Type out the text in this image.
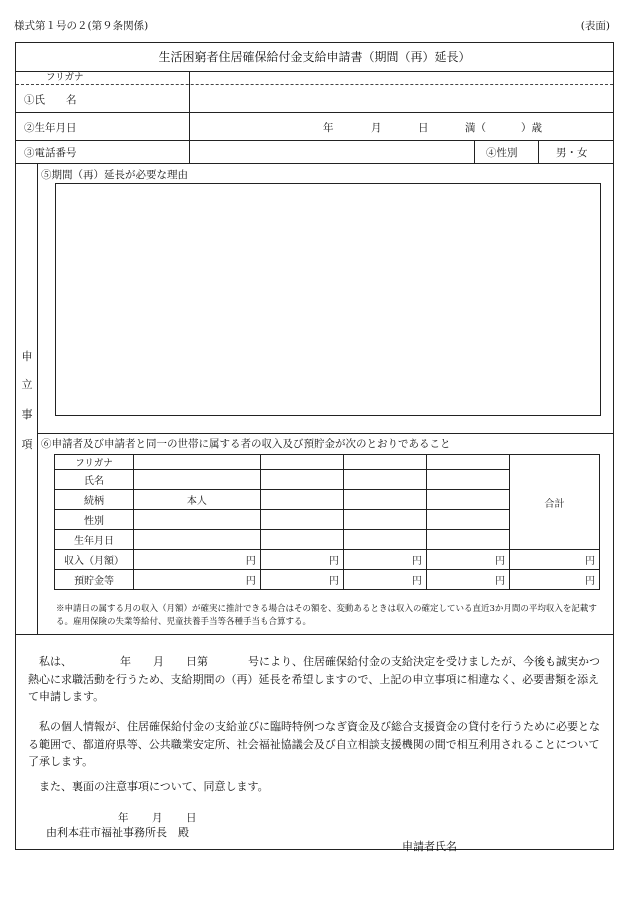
様式第１号の２(第９条関係)	(表面)
生活困窮者住居確保給付金支給申請書（期間（再）延長）
フリガナ
①氏　　名
②生年月日	年	月	日	満（	）歳
③電話番号	④性別	男・女
申
立
事
項
⑤期間（再）延長が必要な理由
⑥申請者及び申請者と同一の世帯に属する者の収入及び預貯金が次のとおりであること
フリガナ					合計
氏名					
続柄	本人				
性別					
生年月日					
収入（月額）	円	円	円	円	円
預貯金等	円	円	円	円	円
※申請日の属する月の収入（月額）が確実に推計できる場合はその額を、変動あるときは収入の確定している直近3か月間の平均収入を記載する。雇用保険の失業等給付、児童扶養手当等各種手当も合算する。
私は、	年 月 日第	号により、住居確保給付金の支給決定を受けましたが、今後も誠実かつ熱心に求職活動を行うため、支給期間の（再）延長を希望しますので、上記の申立事項に相違なく、必要書類を添えて申請します。
私の個人情報が、住居確保給付金の支給並びに臨時特例つなぎ資金及び総合支援資金の貸付を行うために必要となる範囲で、都道府県等、公共職業安定所、社会福祉協議会及び自立相談支援機関の間で相互利用されることについて了承します。
また、裏面の注意事項について、同意します。
年 月 日
由利本荘市福祉事務所長　殿
申請者氏名
